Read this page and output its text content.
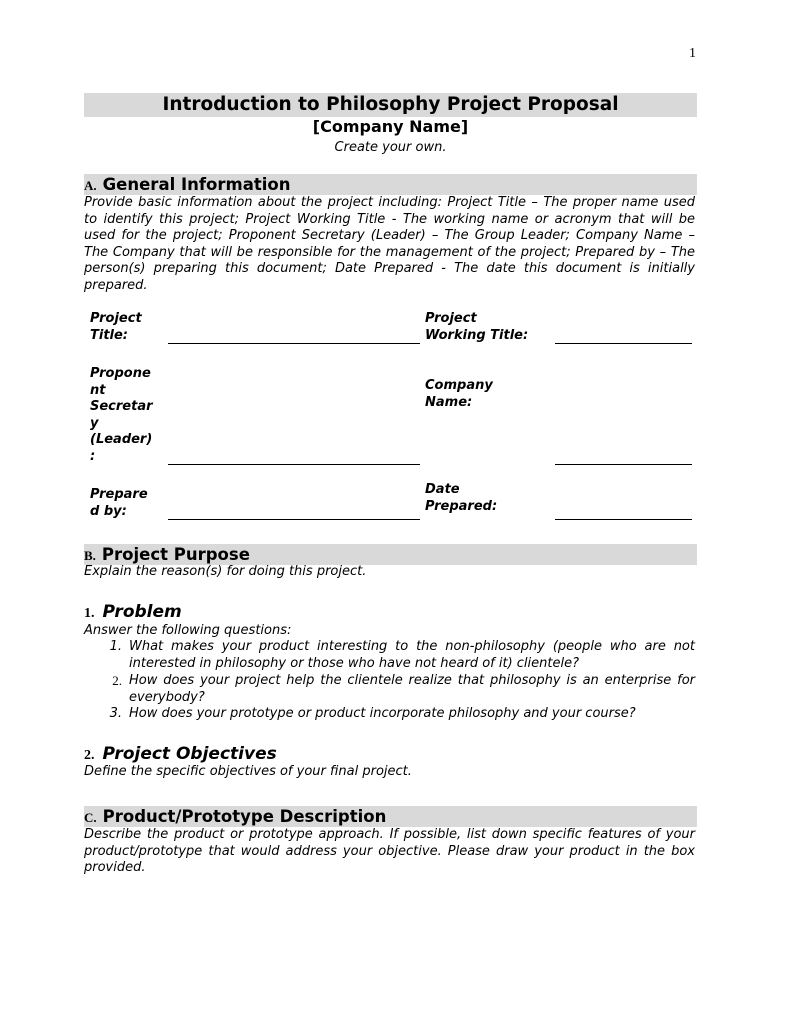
1
Introduction to Philosophy Project Proposal
[Company Name]
Create your own.
A. General Information
Provide basic information about the project including: Project Title – The proper name used to identify this project; Project Working Title - The working name or acronym that will be used for the project; Proponent Secretary (Leader) – The Group Leader; Company Name – The Company that will be responsible for the management of the project; Prepared by – The person(s) preparing this document; Date Prepared - The date this document is initially prepared.
Project
Title:
Project
Working Title:
Propone
nt
Secretar
y
(Leader)
:
Company
Name:
Prepare
d by:
Date
Prepared:
B. Project Purpose
Explain the reason(s) for doing this project.
1. Problem
Answer the following questions:
1. What makes your product interesting to the non-philosophy (people who are not interested in philosophy or those who have not heard of it) clientele?
2. How does your project help the clientele realize that philosophy is an enterprise for everybody?
3. How does your prototype or product incorporate philosophy and your course?
2. Project Objectives
Define the specific objectives of your final project.
C. Product/Prototype Description
Describe the product or prototype approach. If possible, list down specific features of your product/prototype that would address your objective. Please draw your product in the box provided.
